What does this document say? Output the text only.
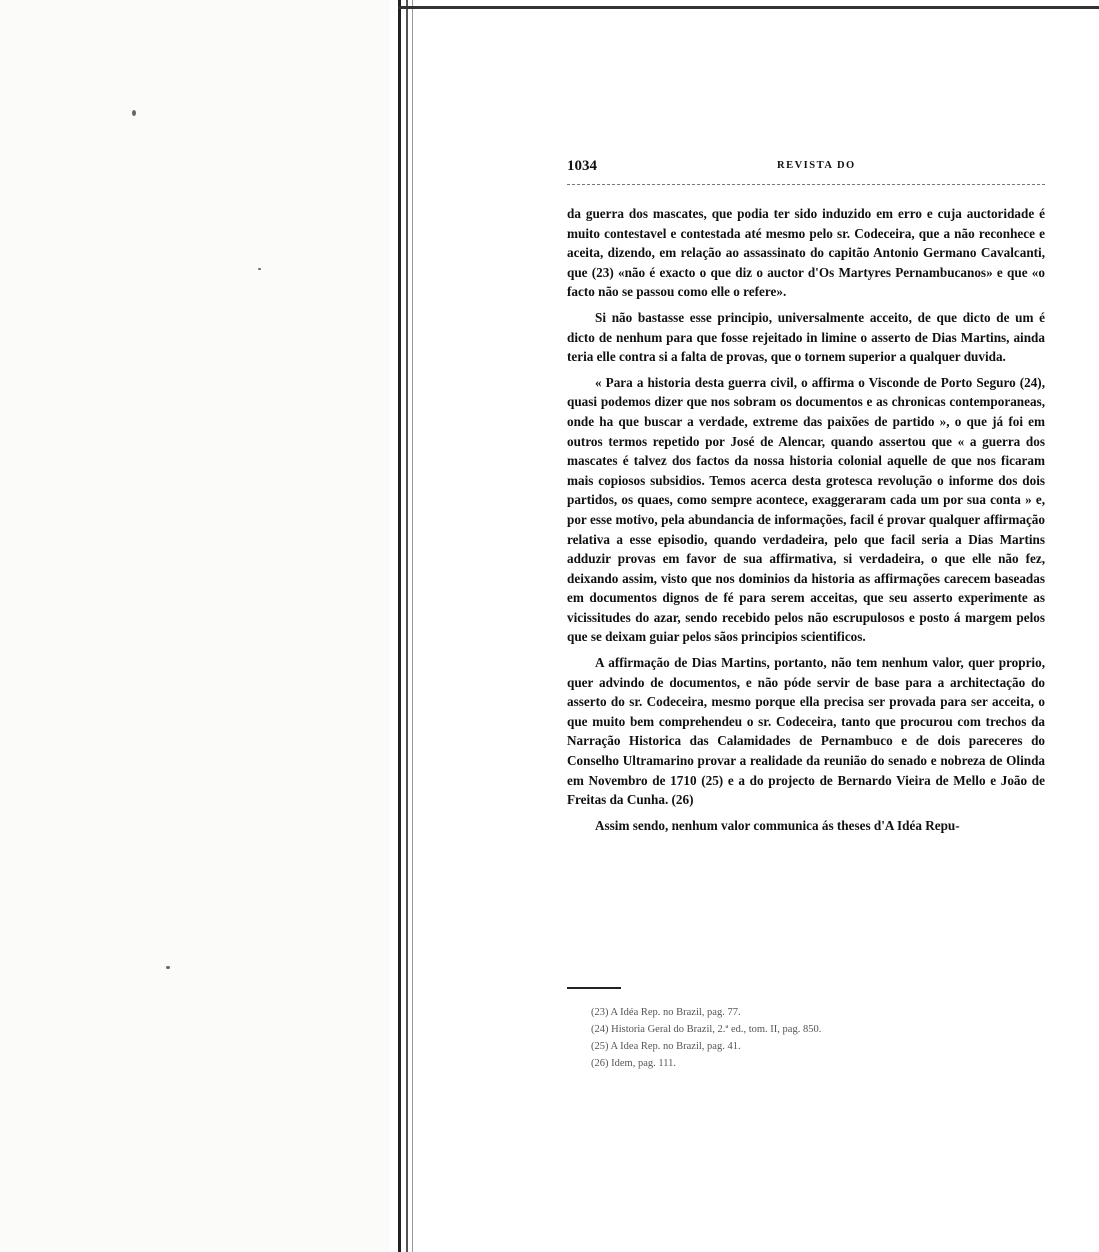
1034	REVISTA DO

da guerra dos mascates, que podia ter sido induzido em erro e cuja auctoridade é muito contestavel e contestada até mesmo pelo sr. Codeceira, que a não reconhece e aceita, dizendo, em relação ao assassinato do capitão Antonio Germano Cavalcanti, que (23) «não é exacto o que diz o auctor d'Os Martyres Pernambucanos» e que «o facto não se passou como elle o refere».

Si não bastasse esse principio, universalmente acceito, de que dicto de um é dicto de nenhum para que fosse rejeitado in limine o asserto de Dias Martins, ainda teria elle contra si a falta de provas, que o tornem superior a qualquer duvida.

« Para a historia desta guerra civil, o affirma o Visconde de Porto Seguro (24), quasi podemos dizer que nos sobram os documentos e as chronicas contemporaneas, onde ha que buscar a verdade, extreme das paixões de partido », o que já foi em outros termos repetido por José de Alencar, quando assertou que « a guerra dos mascates é talvez dos factos da nossa historia colonial aquelle de que nos ficaram mais copiosos subsidios. Temos acerca desta grotesca revolução o informe dos dois partidos, os quaes, como sempre acontece, exaggeraram cada um por sua conta » e, por esse motivo, pela abundancia de informações, facil é provar qualquer affirmação relativa a esse episodio, quando verdadeira, pelo que facil seria a Dias Martins adduzir provas em favor de sua affirmativa, si verdadeira, o que elle não fez, deixando assim, visto que nos dominios da historia as affirmações carecem baseadas em documentos dignos de fé para serem acceitas, que seu asserto experimente as vicissitudes do azar, sendo recebido pelos não escrupulosos e posto á margem pelos que se deixam guiar pelos sãos principios scientificos.

A affirmação de Dias Martins, portanto, não tem nenhum valor, quer proprio, quer advindo de documentos, e não póde servir de base para a architectação do asserto do sr. Codeceira, mesmo porque ella precisa ser provada para ser acceita, o que muito bem comprehendeu o sr. Codeceira, tanto que procurou com trechos da Narração Historica das Calamidades de Pernambuco e de dois pareceres do Conselho Ultramarino provar a realidade da reunião do senado e nobreza de Olinda em Novembro de 1710 (25) e a do projecto de Bernardo Vieira de Mello e João de Freitas da Cunha. (26)

Assim sendo, nenhum valor communica ás theses d'A Idéa Repu-

(23) A Idéa Rep. no Brazil, pag. 77.
(24) Historia Geral do Brazil, 2.ª ed., tom. II, pag. 850.
(25) A Idea Rep. no Brazil, pag. 41.
(26) Idem, pag. 111.
